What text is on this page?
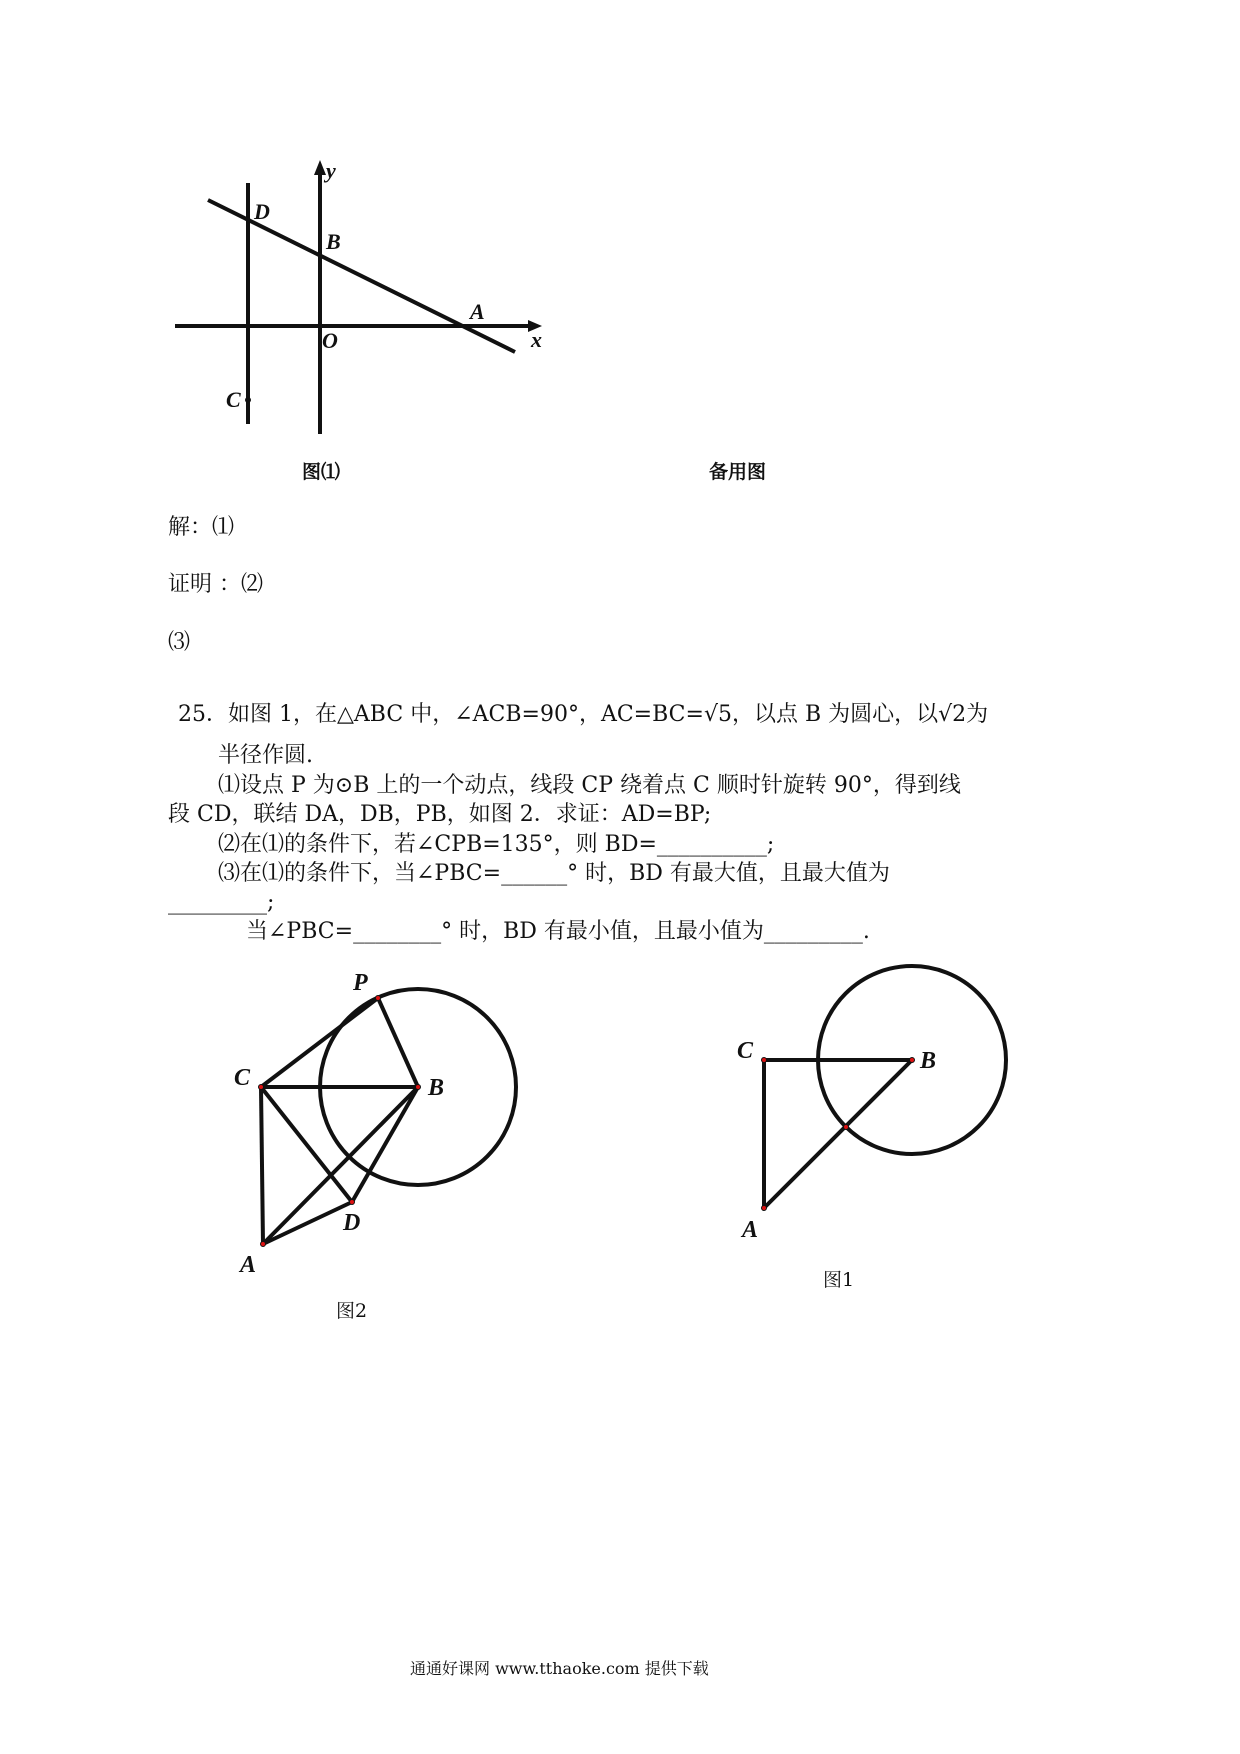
y
D
B
A
O	x
C
图⑴	备用图
解：⑴
证明 ：⑵
⑶
25．如图 1，在△ABC 中，∠ACB=90°，AC=BC=√5，以点 B 为圆心，以√2为
半径作圆.
⑴设点 P 为⊙B 上的一个动点，线段 CP 绕着点 C 顺时针旋转 90°，得到线
段 CD，联结 DA，DB，PB，如图 2．求证：AD=BP;
⑵在⑴的条件下，若∠CPB=135°，则 BD=__________;
⑶在⑴的条件下，当∠PBC=______° 时，BD 有最大值，且最大值为
_________;
当∠PBC=________° 时，BD 有最小值，且最小值为_________.
P
C	B
D
A
C	B
A
图2
图1
通通好课网 www.tthaoke.com 提供下载
